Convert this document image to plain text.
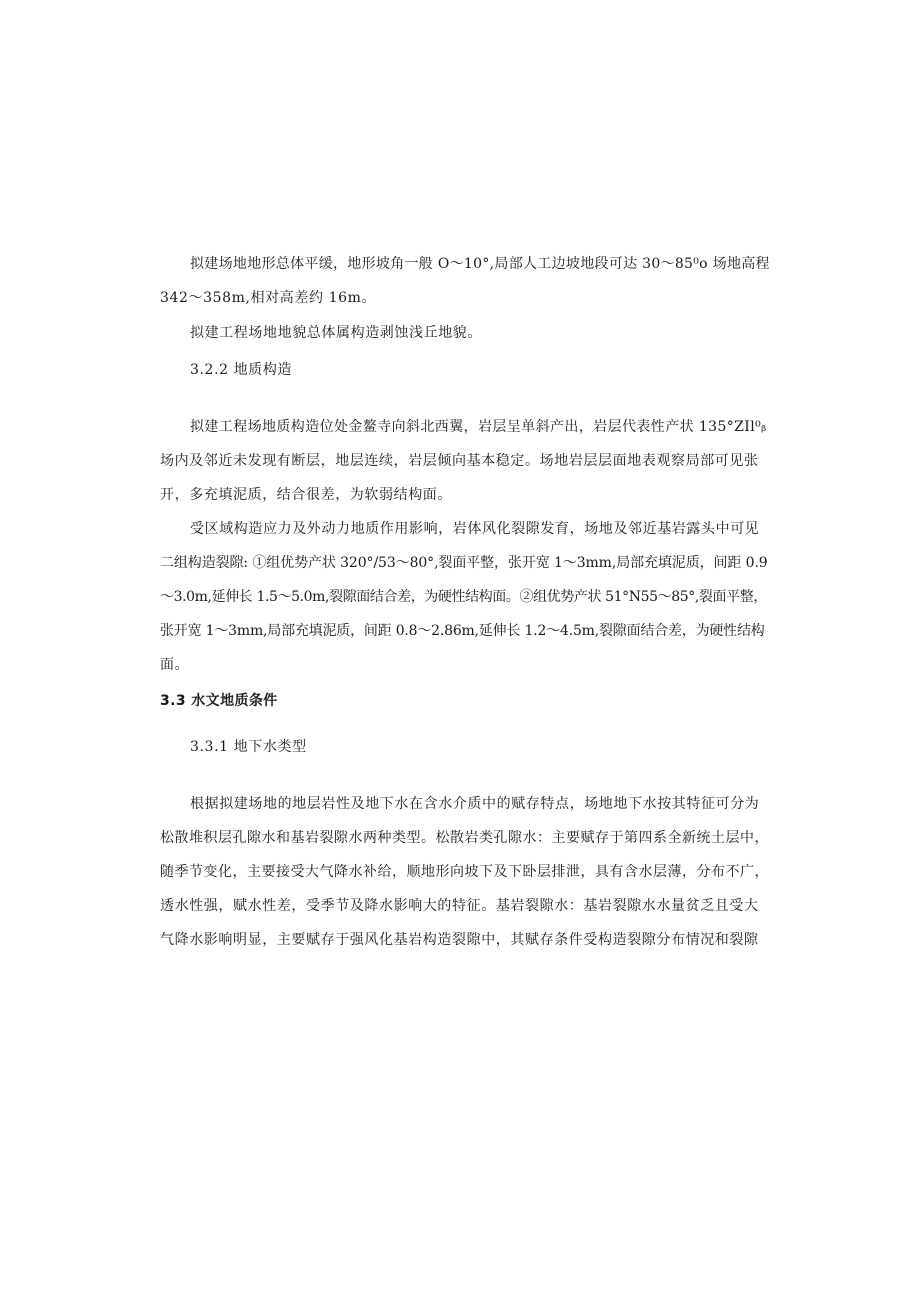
拟建场地地形总体平缓，地形坡角一般 O～10°,局部人工边坡地段可达 30～85⁰o 场地高程
342～358m,相对高差约 16m。
拟建工程场地地貌总体属构造剥蚀浅丘地貌。
3.2.2 地质构造
拟建工程场地质构造位处金鳌寺向斜北西翼，岩层呈单斜产出，岩层代表性产状 135°ZIl⁰ᵦ
场内及邻近未发现有断层，地层连续，岩层倾向基本稳定。场地岩层层面地表观察局部可见张
开，多充填泥质，结合很差，为软弱结构面。
受区域构造应力及外动力地质作用影响，岩体风化裂隙发育，场地及邻近基岩露头中可见
二组构造裂隙: ①组优势产状 320°/53～80°,裂面平整，张开宽 1～3mm,局部充填泥质，间距 0.9
～3.0m,延伸长 1.5～5.0m,裂隙面结合差，为硬性结构面。②组优势产状 51°N55～85°,裂面平整，
张开宽 1～3mm,局部充填泥质，间距 0.8～2.86m,延伸长 1.2～4.5m,裂隙面结合差，为硬性结构
面。
3.3 水文地质条件
3.3.1 地下水类型
根据拟建场地的地层岩性及地下水在含水介质中的赋存特点，场地地下水按其特征可分为
松散堆积层孔隙水和基岩裂隙水两种类型。松散岩类孔隙水：主要赋存于第四系全新统土层中，
随季节变化，主要接受大气降水补给，顺地形向坡下及下卧层排泄，具有含水层薄，分布不广，
透水性强，赋水性差，受季节及降水影响大的特征。基岩裂隙水：基岩裂隙水水量贫乏且受大
气降水影响明显，主要赋存于强风化基岩构造裂隙中，其赋存条件受构造裂隙分布情况和裂隙
